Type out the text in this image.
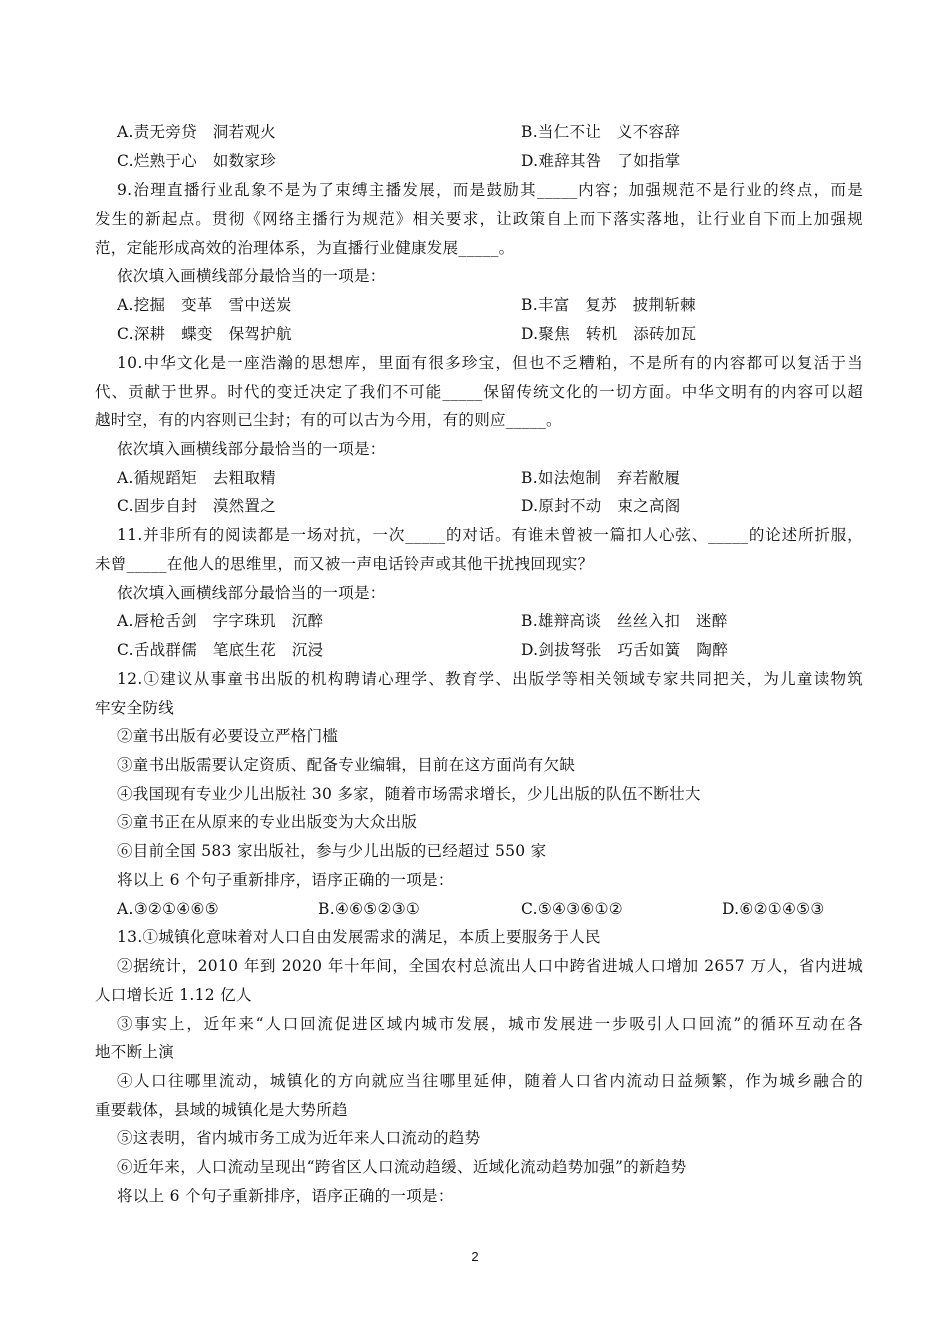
A.责无旁贷　洞若观火	B.当仁不让　义不容辞
C.烂熟于心　如数家珍	D.难辞其咎　了如指掌
9.治理直播行业乱象不是为了束缚主播发展，而是鼓励其_____内容；加强规范不是行业的终点，而是
发生的新起点。贯彻《网络主播行为规范》相关要求，让政策自上而下落实落地，让行业自下而上加强规
范，定能形成高效的治理体系，为直播行业健康发展_____。
依次填入画横线部分最恰当的一项是：
A.挖掘　变革　雪中送炭	B.丰富　复苏　披荆斩棘
C.深耕　蝶变　保驾护航	D.聚焦　转机　添砖加瓦
10.中华文化是一座浩瀚的思想库，里面有很多珍宝，但也不乏糟粕，不是所有的内容都可以复活于当
代、贡献于世界。时代的变迁决定了我们不可能_____保留传统文化的一切方面。中华文明有的内容可以超
越时空，有的内容则已尘封；有的可以古为今用，有的则应_____。
依次填入画横线部分最恰当的一项是：
A.循规蹈矩　去粗取精	B.如法炮制　弃若敝履
C.固步自封　漠然置之	D.原封不动　束之高阁
11.并非所有的阅读都是一场对抗，一次_____的对话。有谁未曾被一篇扣人心弦、_____的论述所折服，
未曾_____在他人的思维里，而又被一声电话铃声或其他干扰拽回现实？
依次填入画横线部分最恰当的一项是：
A.唇枪舌剑　字字珠玑　沉醉	B.雄辩高谈　丝丝入扣　迷醉
C.舌战群儒　笔底生花　沉浸	D.剑拔弩张　巧舌如簧　陶醉
12.①建议从事童书出版的机构聘请心理学、教育学、出版学等相关领域专家共同把关，为儿童读物筑
牢安全防线
②童书出版有必要设立严格门槛
③童书出版需要认定资质、配备专业编辑，目前在这方面尚有欠缺
④我国现有专业少儿出版社 30 多家，随着市场需求增长，少儿出版的队伍不断壮大
⑤童书正在从原来的专业出版变为大众出版
⑥目前全国 583 家出版社，参与少儿出版的已经超过 550 家
将以上 6 个句子重新排序，语序正确的一项是：
A.③②①④⑥⑤	B.④⑥⑤②③①	C.⑤④③⑥①②	D.⑥②①④⑤③
13.①城镇化意味着对人口自由发展需求的满足，本质上要服务于人民
②据统计，2010 年到 2020 年十年间，全国农村总流出人口中跨省进城人口增加 2657 万人，省内进城
人口增长近 1.12 亿人
③事实上，近年来“人口回流促进区域内城市发展，城市发展进一步吸引人口回流”的循环互动在各
地不断上演
④人口往哪里流动，城镇化的方向就应当往哪里延伸，随着人口省内流动日益频繁，作为城乡融合的
重要载体，县域的城镇化是大势所趋
⑤这表明，省内城市务工成为近年来人口流动的趋势
⑥近年来，人口流动呈现出“跨省区人口流动趋缓、近域化流动趋势加强”的新趋势
将以上 6 个句子重新排序，语序正确的一项是：
2
